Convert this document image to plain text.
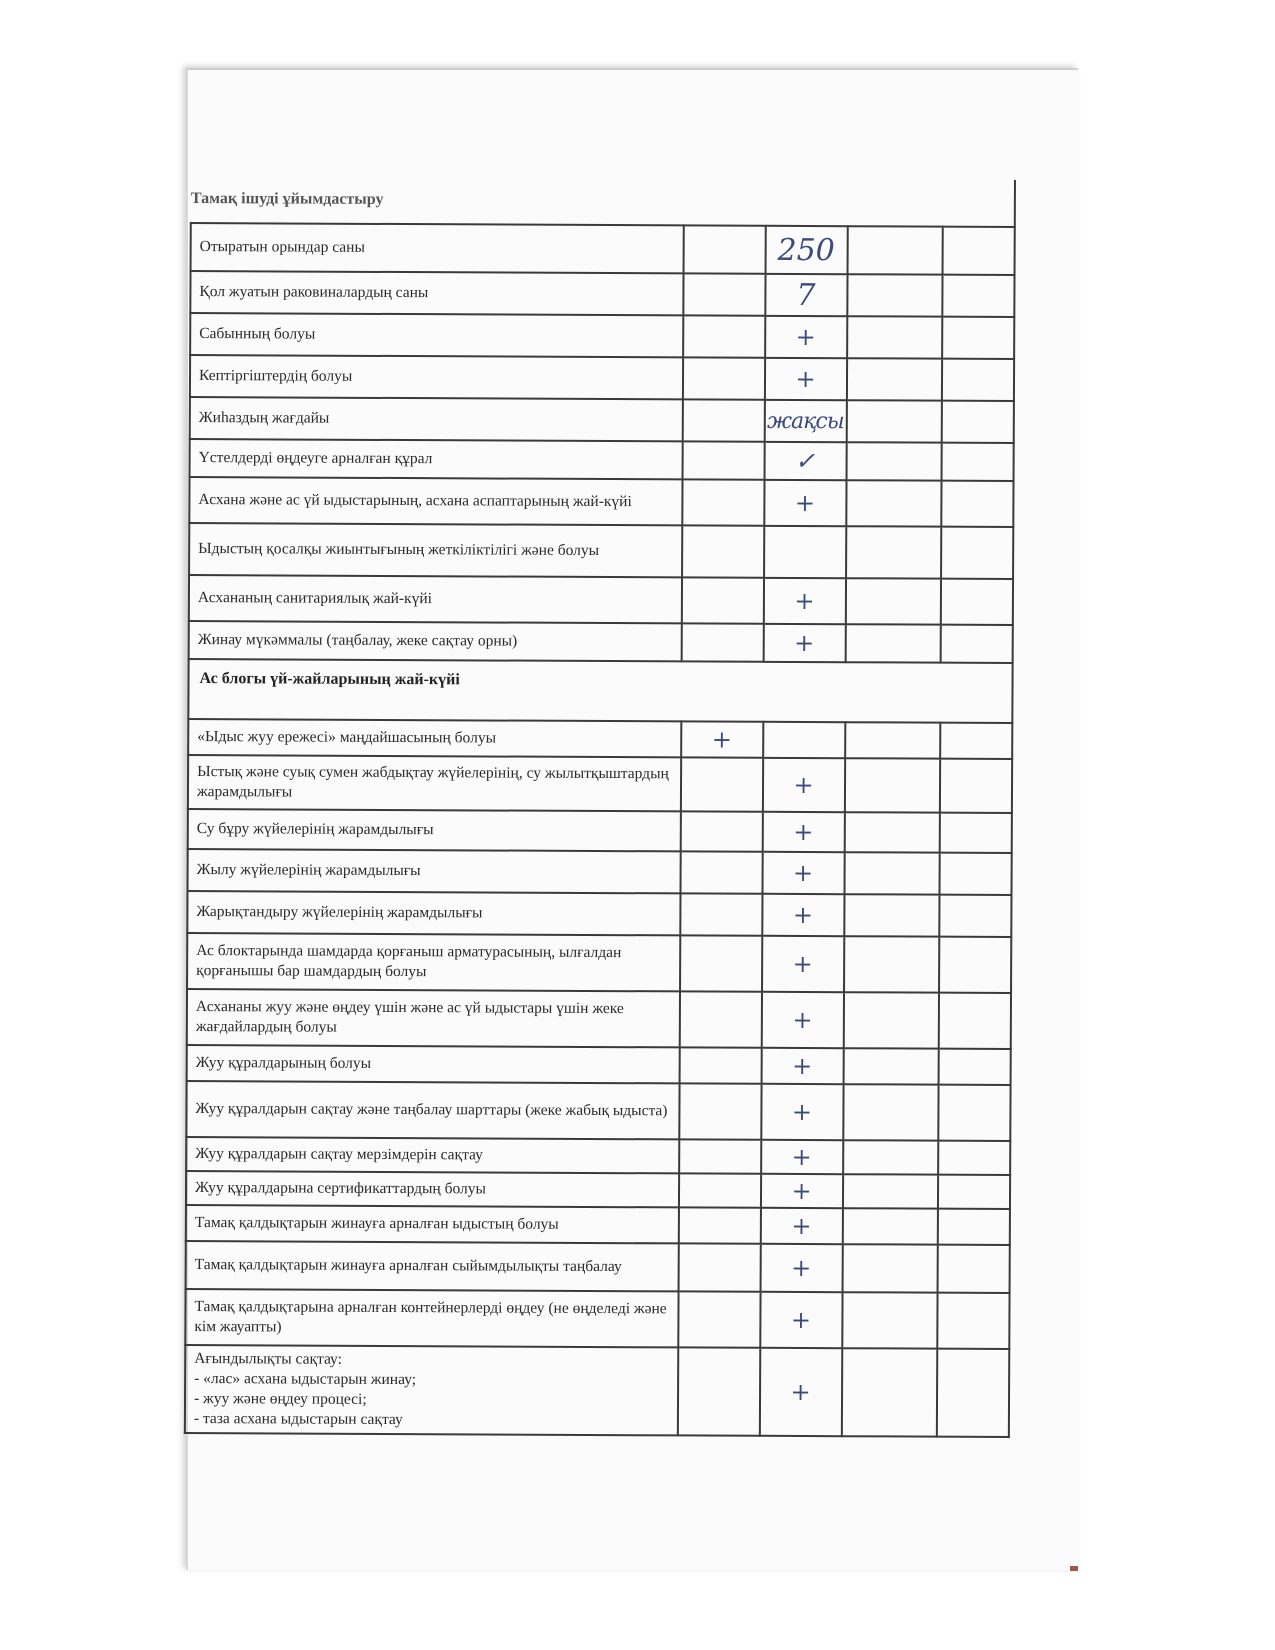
Тамақ ішуді ұйымдастыру				
Отыратын орындар саны		250		
Қол жуатын раковиналардың саны		7		
Сабынның болуы		+		
Кептіргіштердің болуы		+		
Жиһаздың жағдайы		жақсы		
Үстелдерді өңдеуге арналған құрал		✓		
Асхана және ас үй ыдыстарының, асхана аспаптарының жай-күйі		+		
Ыдыстың қосалқы жиынтығының жеткіліктілігі және болуы				
Асхананың санитариялық жай-күйі		+		
Жинау мүкәммалы (таңбалау, жеке сақтау орны)		+		
Ас блогы үй-жайларының жай-күйі				
«Ыдыс жуу ережесі» маңдайшасының болуы	+			
Ыстық және суық сумен жабдықтау жүйелерінің, су жылытқыштардың жарамдылығы		+		
Су бұру жүйелерінің жарамдылығы		+		
Жылу жүйелерінің жарамдылығы		+		
Жарықтандыру жүйелерінің жарамдылығы		+		
Ас блоктарында шамдарда қорғаныш арматурасының, ылғалдан қорғанышы бар шамдардың болуы		+		
Асхананы жуу және өңдеу үшін және ас үй ыдыстары үшін жеке жағдайлардың болуы		+		
Жуу құралдарының болуы		+		
Жуу құралдарын сақтау және таңбалау шарттары (жеке жабық ыдыста)		+		
Жуу құралдарын сақтау мерзімдерін сақтау		+		
Жуу құралдарына сертификаттардың болуы		+		
Тамақ қалдықтарын жинауға арналған ыдыстың болуы		+		
Тамақ қалдықтарын жинауға арналған сыйымдылықты таңбалау		+		
Тамақ қалдықтарына арналған контейнерлерді өңдеу (не өңделеді және кім жауапты)		+		

Ағындылықты сақтау:
- «лас» асхана ыдыстарын жинау;
- жуу және өңдеу процесі;
- таза асхана ыдыстарын сақтау		+		
